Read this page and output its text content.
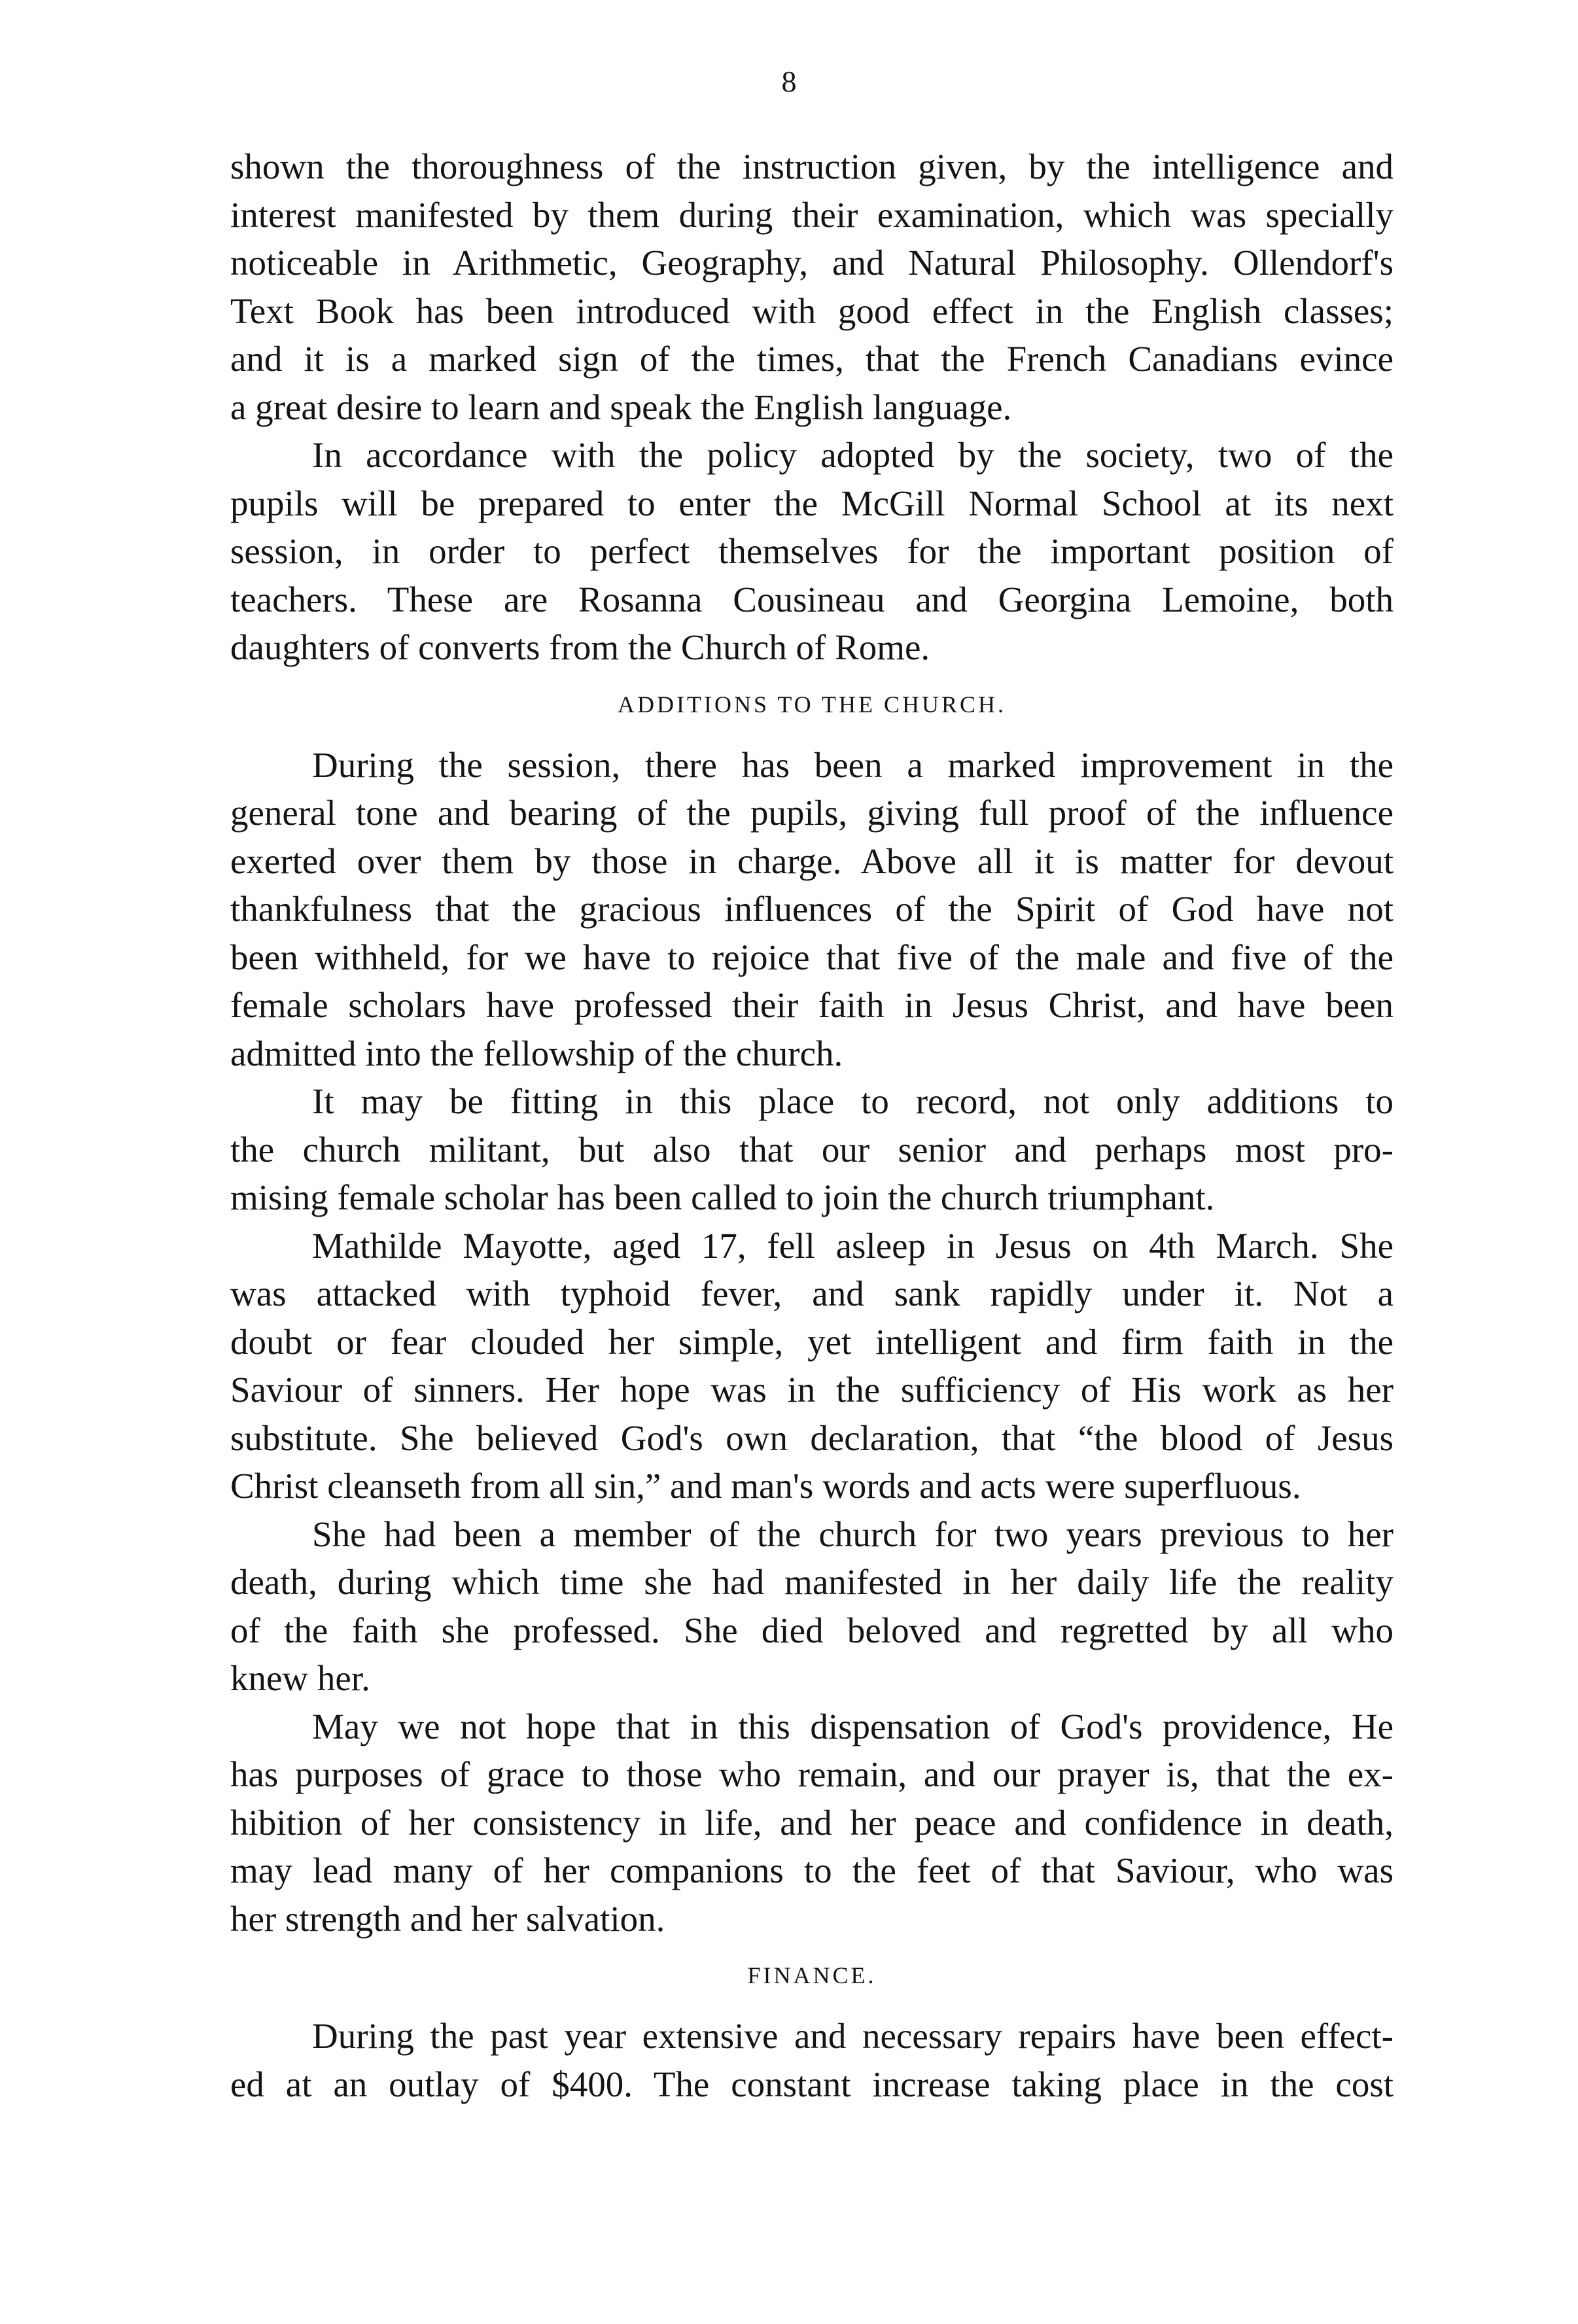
8
shown the thoroughness of the instruction given, by the intelligence and
interest manifested by them during their examination, which was specially
noticeable in Arithmetic, Geography, and Natural Philosophy. Ollendorf's
Text Book has been introduced with good effect in the English classes;
and it is a marked sign of the times, that the French Canadians evince
a great desire to learn and speak the English language.
In accordance with the policy adopted by the society, two of the
pupils will be prepared to enter the McGill Normal School at its next
session, in order to perfect themselves for the important position of
teachers. These are Rosanna Cousineau and Georgina Lemoine, both
daughters of converts from the Church of Rome.
ADDITIONS TO THE CHURCH.
During the session, there has been a marked improvement in the
general tone and bearing of the pupils, giving full proof of the influence
exerted over them by those in charge. Above all it is matter for devout
thankfulness that the gracious influences of the Spirit of God have not
been withheld, for we have to rejoice that five of the male and five of the
female scholars have professed their faith in Jesus Christ, and have been
admitted into the fellowship of the church.
It may be fitting in this place to record, not only additions to
the church militant, but also that our senior and perhaps most pro-
mising female scholar has been called to join the church triumphant.
Mathilde Mayotte, aged 17, fell asleep in Jesus on 4th March. She
was attacked with typhoid fever, and sank rapidly under it. Not a
doubt or fear clouded her simple, yet intelligent and firm faith in the
Saviour of sinners. Her hope was in the sufficiency of His work as her
substitute. She believed God's own declaration, that “the blood of Jesus
Christ cleanseth from all sin,” and man's words and acts were superfluous.
She had been a member of the church for two years previous to her
death, during which time she had manifested in her daily life the reality
of the faith she professed. She died beloved and regretted by all who
knew her.
May we not hope that in this dispensation of God's providence, He
has purposes of grace to those who remain, and our prayer is, that the ex-
hibition of her consistency in life, and her peace and confidence in death,
may lead many of her companions to the feet of that Saviour, who was
her strength and her salvation.
FINANCE.
During the past year extensive and necessary repairs have been effect-
ed at an outlay of $400. The constant increase taking place in the cost
